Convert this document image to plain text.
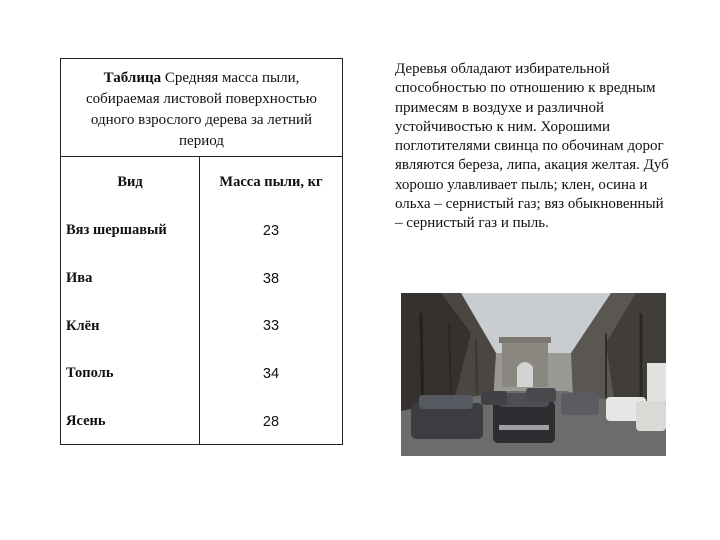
Таблица Средняя масса пыли, собираемая листовой поверхностью одного взрослого дерева за летний период
Вид	Масса пыли, кг
Вяз шершавый	23
Ива	38
Клён	33
Тополь	34
Ясень	28

Деревья обладают избирательной способностью по отношению к вредным примесям в воздухе и различной устойчивостью к ним. Хорошими поглотителями свинца по обочинам дорог являются береза, липа, акация желтая. Дуб хорошо улавливает пыль; клен, осина и ольха – сернистый газ; вяз обыкновенный – сернистый газ и пыль.
